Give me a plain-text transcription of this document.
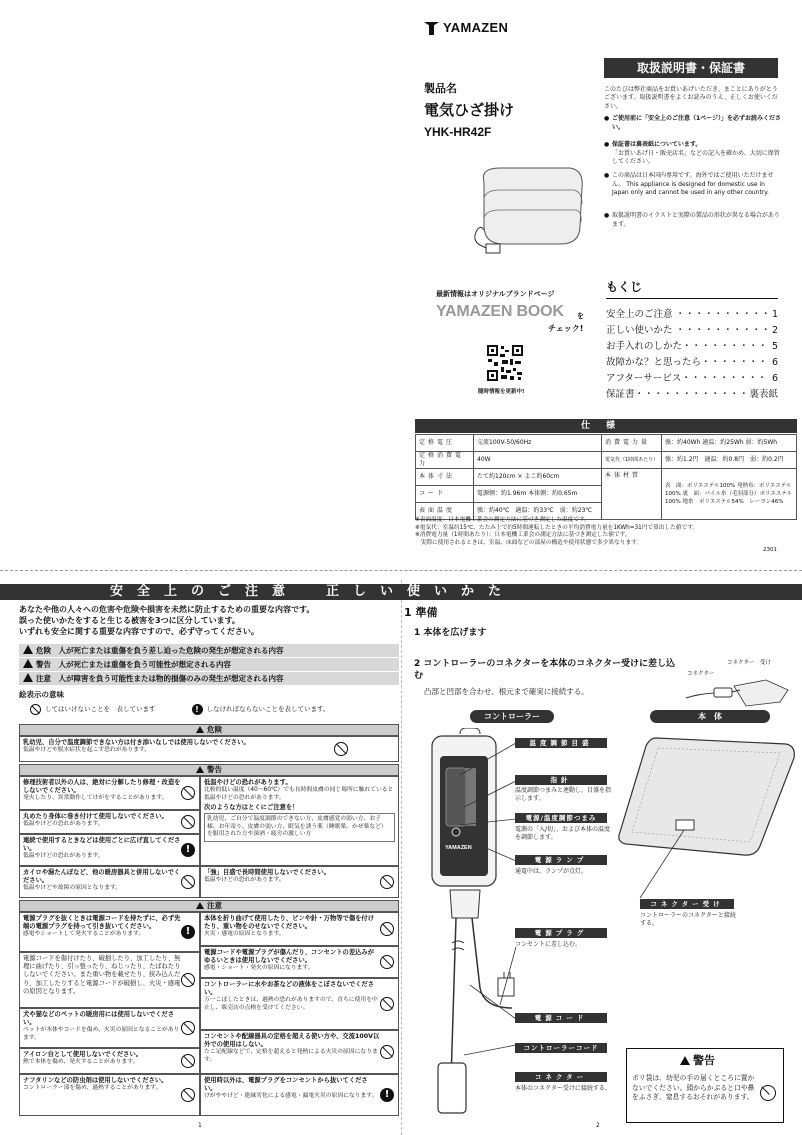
YAMAZEN
製品名
電気ひざ掛け
YHK-HR42F
取扱説明書・保証書
このたびは弊社商品をお買いあげいただき、まことにありがとうございます。取扱説明書をよくお読みのうえ、正しくお使いください。
● ご使用前に「安全上のご注意（1ページ）」を必ずお読みください。
● 保証書は裏表紙についています。
「お買いあげ日・販売店名」などの記入を確かめ、大切に保管してください。
● この商品は日本国内専用です。海外ではご使用いただけません。 This appliance is designed for domestic use in Japan only and cannot be used in any other country.
● 取扱説明書のイラストと実際の製品の形状が異なる場合があります。
最新情報はオリジナルブランドページ
YAMAZEN BOOK を
チェック!
随時情報を更新中!
もくじ
安全上のご注意 ・・・・・・・・・・ 1
正しい使いかた ・・・・・・・・・・ 2
お手入れのしかた・・・・・・・・・ 5
故障かな？と思ったら・・・・・・・ 6
アフターサービス・・・・・・・・・ 6
保証書・・・・・・・・・・・・ 裏表紙
仕様
定格電圧	交流100V-50/60Hz	消費電力量	強：約40Wh 適温：約25Wh 弱：約5Wh
定格消費電力	40W	電気代（1時間あたり）	強：約1.2円　適温：約0.8円　弱：約0.2円
本体寸法	たて約120cm × よこ約60cm	本体材質	表　面：ポリエステル100% 発熱布：ポリエステル100% 裏　面：パイル糸（毛羽部分）ポリエステル100% 地糸　ポリエステル54%　レーヨン46%
コード	電源側：約1.96m 本体側：約0.65m		
表面温度	強：約40℃　適温：約33℃　弱：約23℃		
※表面温度：日本電機工業会の測定方法に基づき測定した温度です。
※電気代：室温約15℃、たたみ上で約5時間運転したときの平均消費電力量を1KWh=31円で算出した値です。
※消費電力量（1時間あたり）：日本電機工業会の測定方法に基づき測定した値です。
　実際に使用されるときは、室温、床面などの部屋の構造や使用状態で多少異なります。
2301
安全上のご注意　正しい使いかた
あなたや他の人々への危害や危険や損害を未然に防止するための重要な内容です。
誤った使いかたをすると生じる被害を3つに区分しています。
いずれも安全に関する重要な内容ですので、必ず守ってください。
危険　 人が死亡または重傷を負う差し迫った危険の発生が想定される内容
警告　 人が死亡または重傷を負う可能性が想定される内容
注意　 人が障害を負う可能性または物的損傷のみの発生が想定される内容
絵表示の意味
してはいけないことを　表しています	!	しなければならないことを表しています。
危険
乳幼児、自分で温度調節できない方は付き添いなしでは使用しないでください。
低温やけどや脱水症状を起こす恐れがあります。
警告
修理技術者以外の人は、絶対に分解したり修理・改造をしないでください。
発火したり、異常動作してけがをすることがあります。
丸めたり身体に巻き付けて使用しないでください。
低温やけどの恐れがあります。
連続で使用するときなどは使用ごとに広げ直してください。
低温やけどの恐れがあります。
!
カイロや湯たんぽなど、他の暖房器具と併用しないでください。
低温やけどや故障の原因となります。
低温やけどの恐れがあります。
比較的低い温度（40〜60℃）でも長時間皮膚の同じ場所に触れていると低温やけどの恐れがあります。
次のような方はとくにご注意を！
乳幼児、ご自分で温度調節のできない方、皮膚感覚の弱い方、お子様、お年寄り、皮膚の弱い方、眠気を誘う薬（睡眠薬、かぜ薬など）を服用された方や深酒・疲労の激しい方
「強」目盛で長時間使用しないでください。
低温やけどの恐れがあります。
注意
電源プラグを抜くときは電源コードを持たずに、必ず先端の電源プラグを持って引き抜いてください。
感電やショートして発火することがあります。	!
電源コードを傷付けたり、破損したり、加工したり、無理に曲げたり、引っ張ったり、ねじったり、たばねたりしないでください。また重い物を載せたり、挟み込んだり、加工したりすると電源コードが破損し、火災・感電の原因となります。
犬や猫などのペットの暖房用には使用しないでください。
ペットが本体やコードを傷め、火災の原因となることがあります。
アイロン台として使用しないでください。
熱で本体を傷め、発火することがあります。
ナフタリンなどの防虫剤は使用しないでください。
コントローラー部を傷め、過熱することがあります。
本体を折り曲げて使用したり、ピンや針・万物等で傷を付けたり、重い物をのせないでください。
火災・感電の原因となります。
電源コードや電源プラグが傷んだり、コンセントの差込みがゆるいときは使用しないでください。
感電・ショート・発火の原因になります。
コントローラーに水やお茶などの液体をこぼさないでください。
万一こぼしたときは、過熱の恐れがありますので、直ちに使用を中止し、販売店の点検を受けてください。
コンセントや配線器具の定格を超える使い方や、交流100V以外での使用はしない。
たこ足配線などで、定格を超えると発熱による火災の原因になります。
使用時以外は、電源プラグをコンセントから抜いてください。
けがややけど・絶縁劣化による感電・漏電火災の原因になります。 !
1
1 準備
1 本体を広げます
2 コントローラーのコネクターを本体のコネクター受けに差し込む
凸部と凹部を合わせ、根元まで確実に接続する。
コネクター
コネクター　受け
コントローラー	本　体
YAMAZEN
温度調節目盛
指針
温度調節つまみと連動し、目盛を指示します。
電源/温度調節つまみ
電源の「入/切」、および本体の温度を調節します。
電源ランプ
通電中は、ランプが点灯。
電源プラグ
コンセントに差し込む。
電源コード
コントローラーコード
コネクター
本体のコネクター受けに接続する。
コネクター受け
コントローラーのコネクターと接続する。
警告
ポリ袋は、幼児の手の届くところに置かないでください。頭からかぶると口や鼻をふさぎ、窒息するおそれがあります。
2
